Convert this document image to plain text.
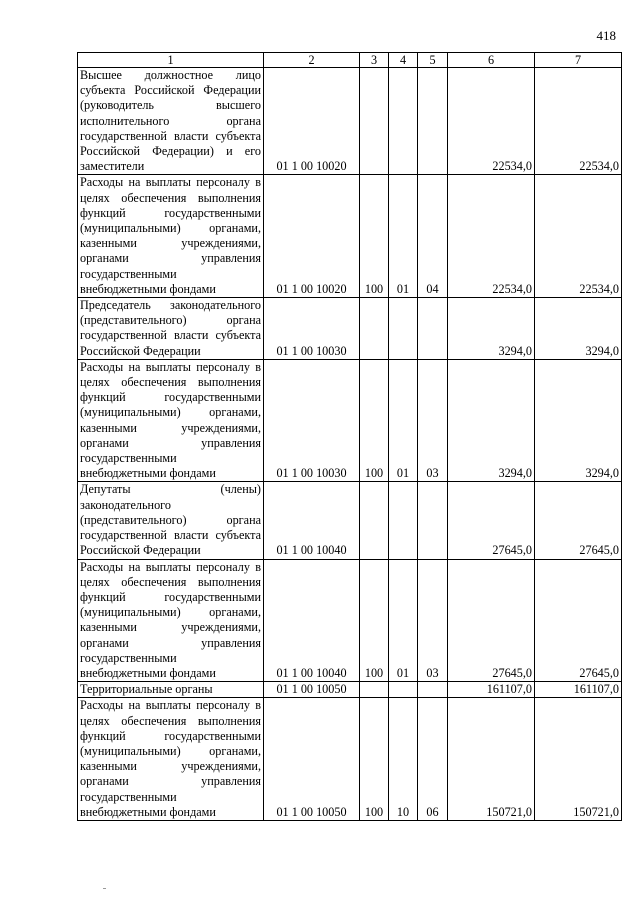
418
1	2	3	4	5	6	7
Высшее должностное лицо субъекта Российской Федерации (руководитель высшего исполнительного органа государственной власти субъекта Российской Федерации) и его заместители	01 1 00 10020				22534,0	22534,0
Расходы на выплаты персоналу в целях обеспечения выполнения функций государственными (муниципальными) органами, казенными учреждениями, органами управления государственными внебюджетными фондами	01 1 00 10020	100	01	04	22534,0	22534,0
Председатель законодательного (представительного) органа государственной власти субъекта Российской Федерации	01 1 00 10030				3294,0	3294,0
Расходы на выплаты персоналу в целях обеспечения выполнения функций государственными (муниципальными) органами, казенными учреждениями, органами управления государственными внебюджетными фондами	01 1 00 10030	100	01	03	3294,0	3294,0
Депутаты (члены) законодательного (представительного) органа государственной власти субъекта Российской Федерации	01 1 00 10040				27645,0	27645,0
Расходы на выплаты персоналу в целях обеспечения выполнения функций государственными (муниципальными) органами, казенными учреждениями, органами управления государственными внебюджетными фондами	01 1 00 10040	100	01	03	27645,0	27645,0
Территориальные органы	01 1 00 10050				161107,0	161107,0
Расходы на выплаты персоналу в целях обеспечения выполнения функций государственными (муниципальными) органами, казенными учреждениями, органами управления государственными внебюджетными фондами	01 1 00 10050	100	10	06	150721,0	150721,0
